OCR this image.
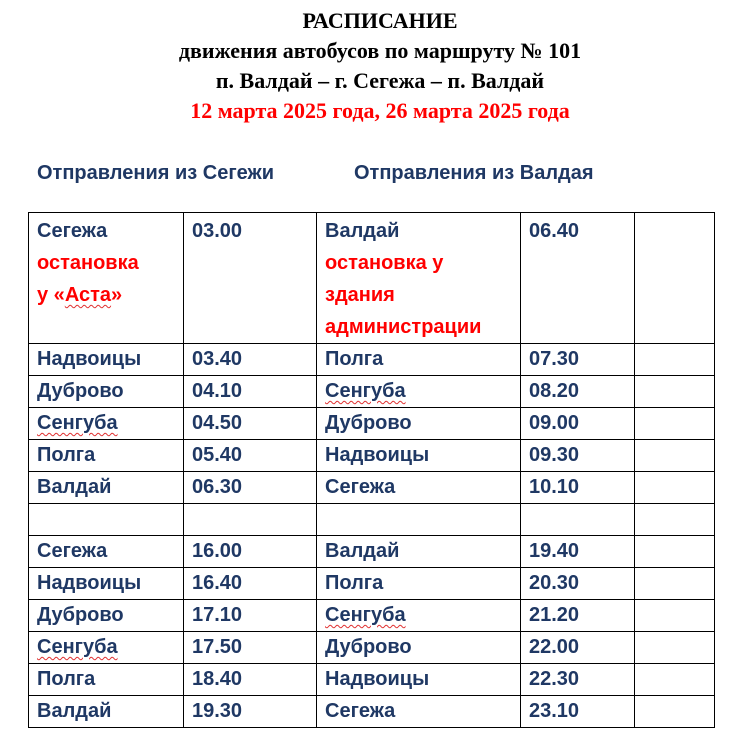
РАСПИСАНИЕ
движения автобусов по маршруту № 101
п. Валдай – г. Сегежа – п. Валдай
12 марта 2025 года, 26 марта 2025 года
Отправления из Сегежи	Отправления из Валдая
Сегежа
остановка
у «Аста»	03.00	Валдай
остановка у
здания
администрации	06.40	
Надвоицы	03.40	Полга	07.30	
Дуброво	04.10	Сенгуба	08.20	
Сенгуба	04.50	Дуброво	09.00	
Полга	05.40	Надвоицы	09.30	
Валдай	06.30	Сегежа	10.10	

Сегежа	16.00	Валдай	19.40	
Надвоицы	16.40	Полга	20.30	
Дуброво	17.10	Сенгуба	21.20	
Сенгуба	17.50	Дуброво	22.00	
Полга	18.40	Надвоицы	22.30	
Валдай	19.30	Сегежа	23.10	
